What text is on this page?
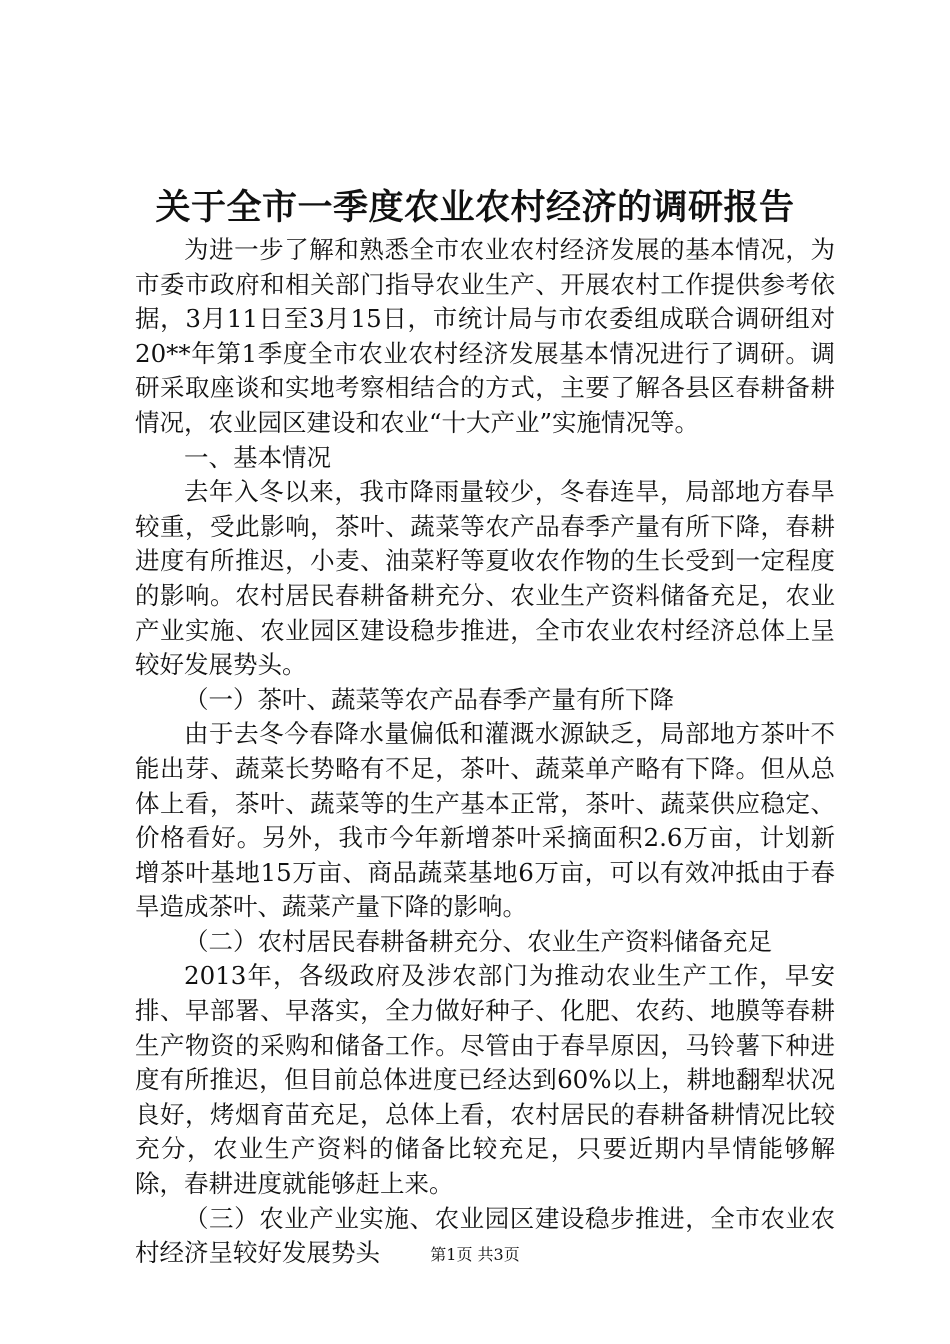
关于全市一季度农业农村经济的调研报告

为进一步了解和熟悉全市农业农村经济发展的基本情况，为市委市政府和相关部门指导农业生产、开展农村工作提供参考依据，3月11日至3月15日，市统计局与市农委组成联合调研组对20**年第1季度全市农业农村经济发展基本情况进行了调研。调研采取座谈和实地考察相结合的方式，主要了解各县区春耕备耕情况，农业园区建设和农业“十大产业”实施情况等。

一、基本情况

去年入冬以来，我市降雨量较少，冬春连旱，局部地方春旱较重，受此影响，茶叶、蔬菜等农产品春季产量有所下降，春耕进度有所推迟，小麦、油菜籽等夏收农作物的生长受到一定程度的影响。农村居民春耕备耕充分、农业生产资料储备充足，农业产业实施、农业园区建设稳步推进，全市农业农村经济总体上呈较好发展势头。

（一）茶叶、蔬菜等农产品春季产量有所下降

由于去冬今春降水量偏低和灌溉水源缺乏，局部地方茶叶不能出芽、蔬菜长势略有不足，茶叶、蔬菜单产略有下降。但从总体上看，茶叶、蔬菜等的生产基本正常，茶叶、蔬菜供应稳定、价格看好。另外，我市今年新增茶叶采摘面积2.6万亩，计划新增茶叶基地15万亩、商品蔬菜基地6万亩，可以有效冲抵由于春旱造成茶叶、蔬菜产量下降的影响。

（二）农村居民春耕备耕充分、农业生产资料储备充足

2013年，各级政府及涉农部门为推动农业生产工作，早安排、早部署、早落实，全力做好种子、化肥、农药、地膜等春耕生产物资的采购和储备工作。尽管由于春旱原因，马铃薯下种进度有所推迟，但目前总体进度已经达到60%以上，耕地翻犁状况良好，烤烟育苗充足，总体上看，农村居民的春耕备耕情况比较充分，农业生产资料的储备比较充足，只要近期内旱情能够解除，春耕进度就能够赶上来。

（三）农业产业实施、农业园区建设稳步推进，全市农业农村经济呈较好发展势头	第1页 共3页
